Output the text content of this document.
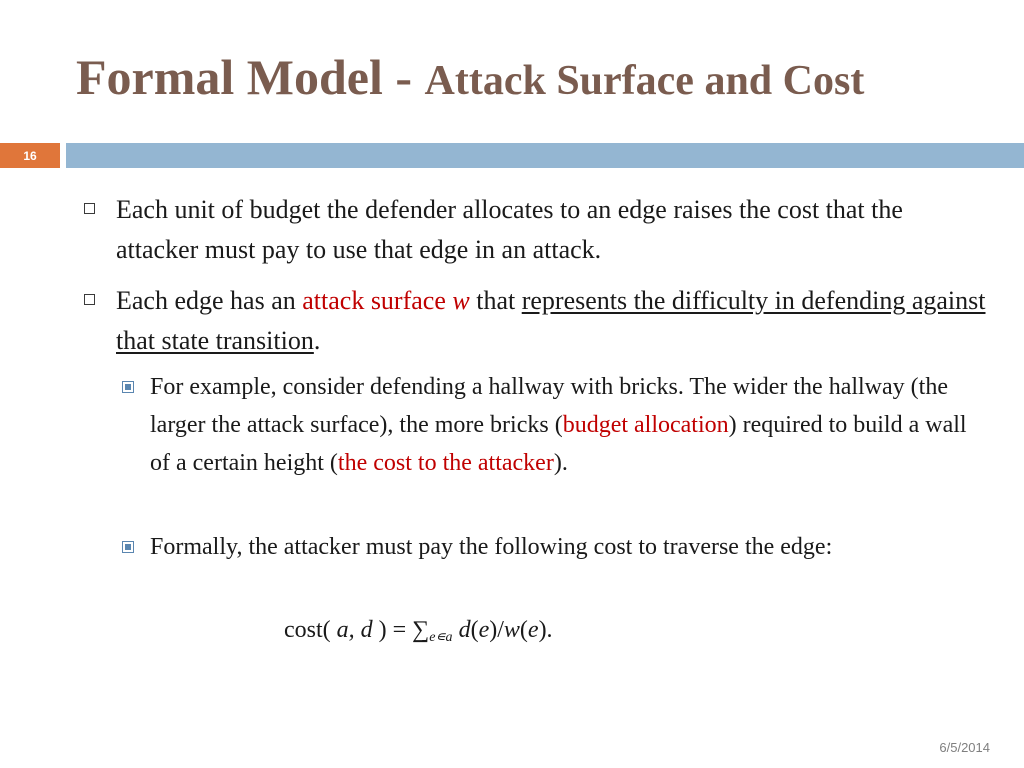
Formal Model - Attack Surface and Cost
16
Each unit of budget the defender allocates to an edge raises the cost that the attacker must pay to use that edge in an attack.
Each edge has an attack surface w that represents the difficulty in defending against that state transition.
For example, consider defending a hallway with bricks. The wider the hallway (the larger the attack surface), the more bricks (budget allocation) required to build a wall of a certain height (the cost to the attacker).
Formally, the attacker must pay the following cost to traverse the edge:
cost( a, d ) = $\sum_{e∊a}$ d(e)/w(e).
6/5/2014
